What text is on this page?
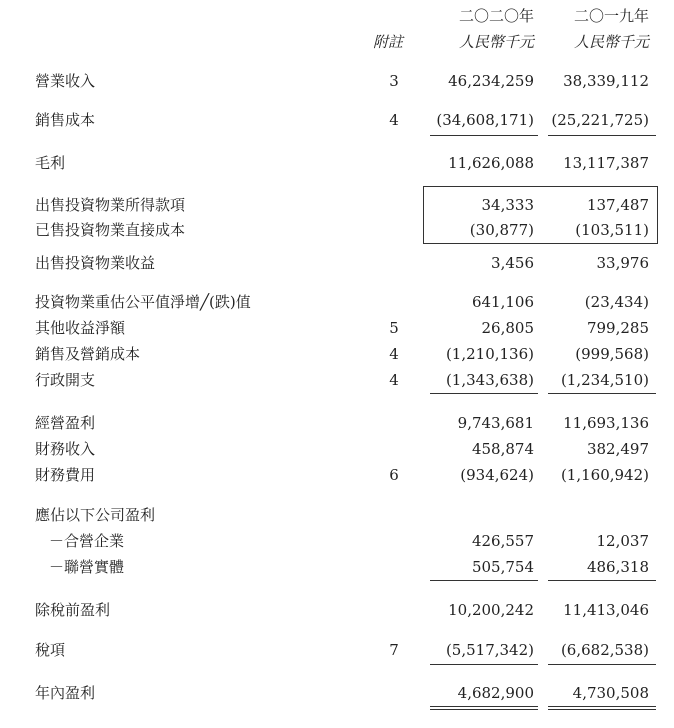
二〇二〇年	二〇一九年
附註	人民幣千元	人民幣千元
營業收入	3	46,234,259 38,339,112
銷售成本	4	(34,608,171) (25,221,725)
毛利	11,626,088 13,117,387
出售投資物業所得款項	34,333	137,487
已售投資物業直接成本	(30,877)	(103,511)
出售投資物業收益	3,456	33,976
投資物業重估公平值淨增╱(跌)值	641,106	(23,434)
其他收益淨額	5	26,805	799,285
銷售及營銷成本	4	(1,210,136)	(999,568)
行政開支	4	(1,343,638) (1,234,510)
經營盈利	9,743,681 11,693,136
財務收入	458,874	382,497
財務費用	6	(934,624) (1,160,942)
應佔以下公司盈利
－合營企業	426,557	12,037
－聯營實體	505,754	486,318
除稅前盈利	10,200,242 11,413,046
稅項	7	(5,517,342) (6,682,538)
年內盈利	4,682,900	4,730,508
